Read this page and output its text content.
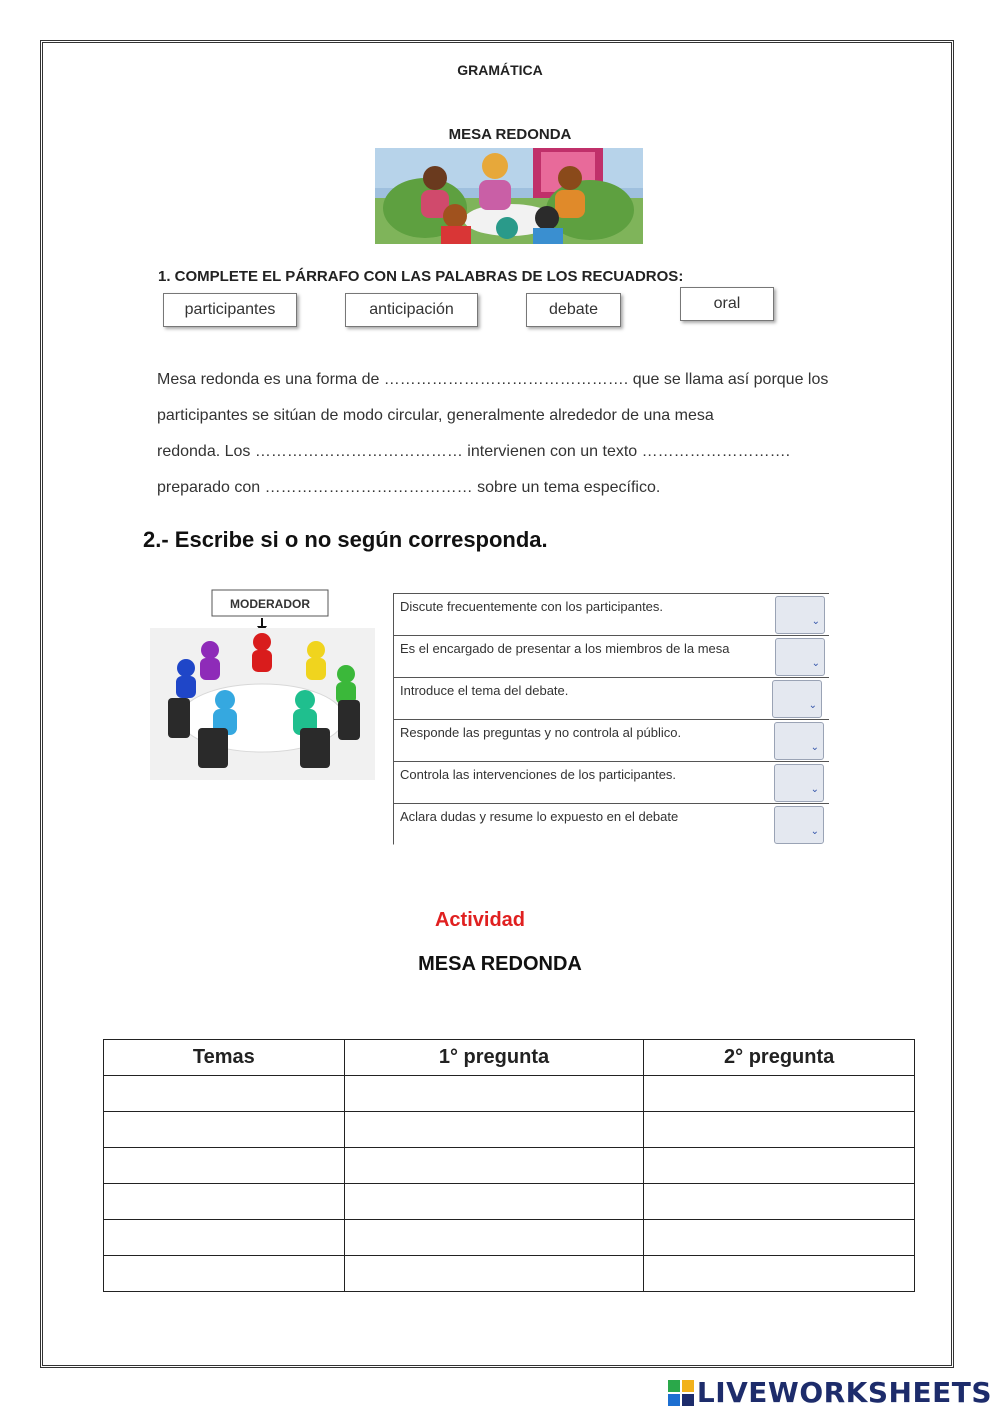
GRAMÁTICA
MESA REDONDA
1. COMPLETE EL PÁRRAFO CON LAS PALABRAS DE LOS RECUADROS:
participantes	anticipación	debate	oral
Mesa redonda es una forma de ………………………………………. que se llama así porque los
participantes se sitúan de modo circular, generalmente alrededor de una mesa
redonda. Los ………………………………… intervienen con un texto ……………………….
preparado con ………………………………… sobre un tema específico.
2.- Escribe si o no según corresponda.
MODERADOR	Discute frecuentemente con los participantes.
⌄
Es el encargado de presentar a los miembros de la mesa
⌄
Introduce el tema del debate.
⌄
Responde las preguntas y no controla al público.
⌄
Controla las intervenciones de los participantes.
⌄
Aclara dudas y resume lo expuesto en el debate
⌄
Actividad
MESA REDONDA
Temas	1° pregunta	2° pregunta

LIVEWORKSHEETS
